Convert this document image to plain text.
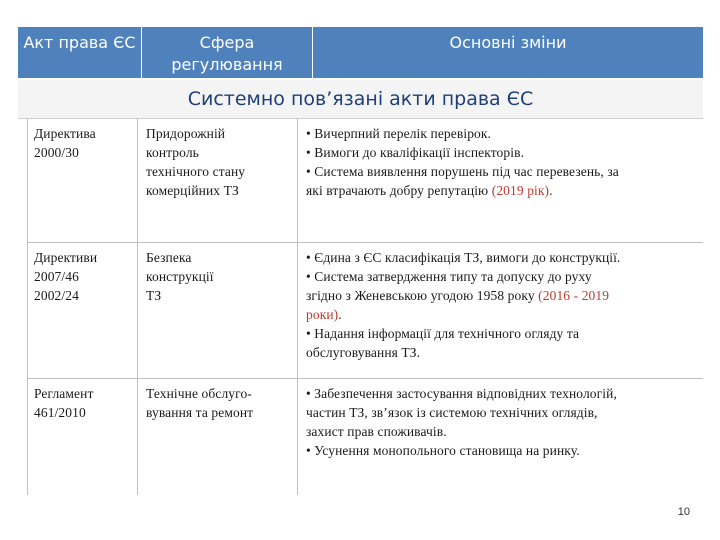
Акт права ЄС	Сфера
регулювання
Основні зміни
Системно пов’язані акти права ЄС
Директива
2000/30
Придорожній
контроль
технічного стану
комерційних ТЗ
• Вичерпний перелік перевірок.
• Вимоги до кваліфікації інспекторів.
• Система виявлення порушень під час перевезень, за
які втрачають добру репутацію (2019 рік).
Директиви
2007/46
2002/24
Безпека
конструкції
ТЗ
• Єдина з ЄС класифікація ТЗ, вимоги до конструкції.
• Система затвердження типу та допуску до руху
згідно з Женевською угодою 1958 року (2016 - 2019
роки).
• Надання інформації для технічного огляду та
обслуговування ТЗ.
Регламент
461/2010
Технічне обслуго-
вування та ремонт
• Забезпечення застосування відповідних технологій,
частин ТЗ, зв’язок із системою технічних оглядів,
захист прав споживачів.
• Усунення монопольного становища на ринку.
10
